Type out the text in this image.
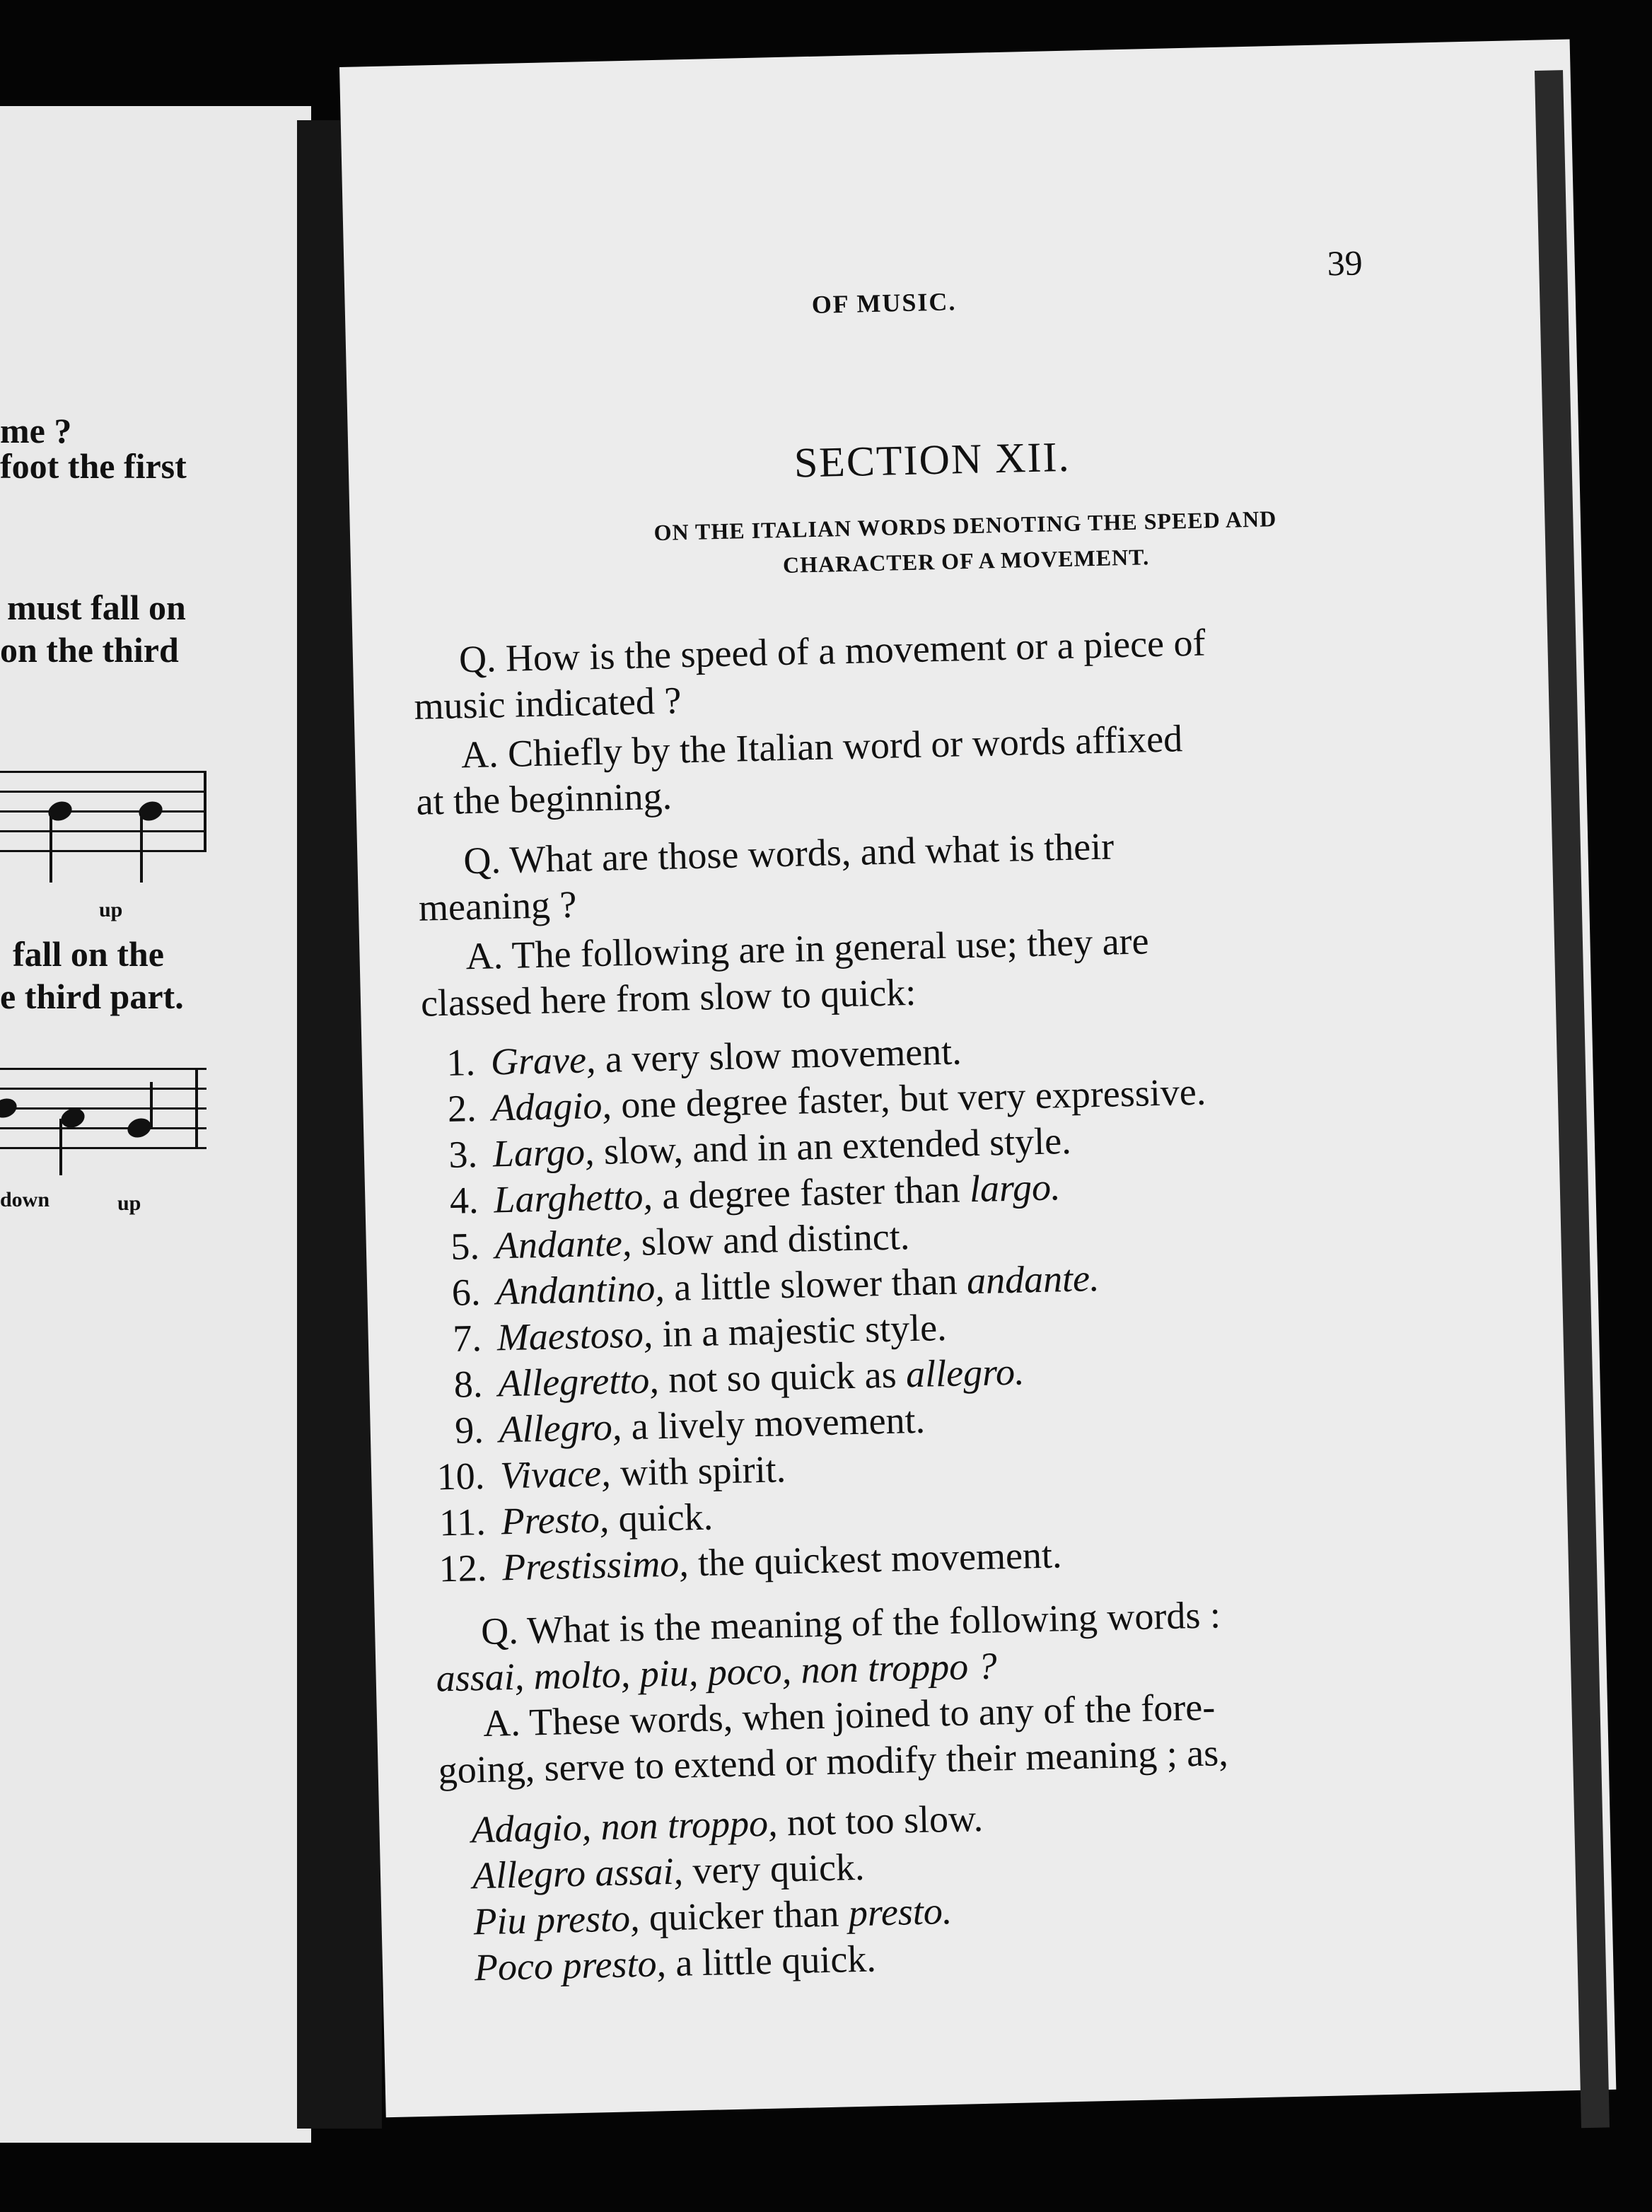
me ?
foot the first
must fall on
on the third
fall on the
e third part.
up
down	up
OF MUSIC.
39
SECTION XII.
ON THE ITALIAN WORDS DENOTING THE SPEED AND
CHARACTER OF A MOVEMENT.
Q. How is the speed of a movement or a piece of
music indicated ?
A. Chiefly by the Italian word or words affixed
at the beginning.
Q. What are those words, and what is their
meaning ?
A. The following are in general use; they are
classed here from slow to quick:
1. Grave, a very slow movement.
2. Adagio, one degree faster, but very expressive.
3. Largo, slow, and in an extended style.
4. Larghetto, a degree faster than largo.
5. Andante, slow and distinct.
6. Andantino, a little slower than andante.
7. Maestoso, in a majestic style.
8. Allegretto, not so quick as allegro.
9. Allegro, a lively movement.
10. Vivace, with spirit.
11. Presto, quick.
12. Prestissimo, the quickest movement.
Q. What is the meaning of the following words :
assai, molto, piu, poco, non troppo ?
A. These words, when joined to any of the fore-
going, serve to extend or modify their meaning ; as,
Adagio, non troppo, not too slow.
Allegro assai, very quick.
Piu presto, quicker than presto.
Poco presto, a little quick.
